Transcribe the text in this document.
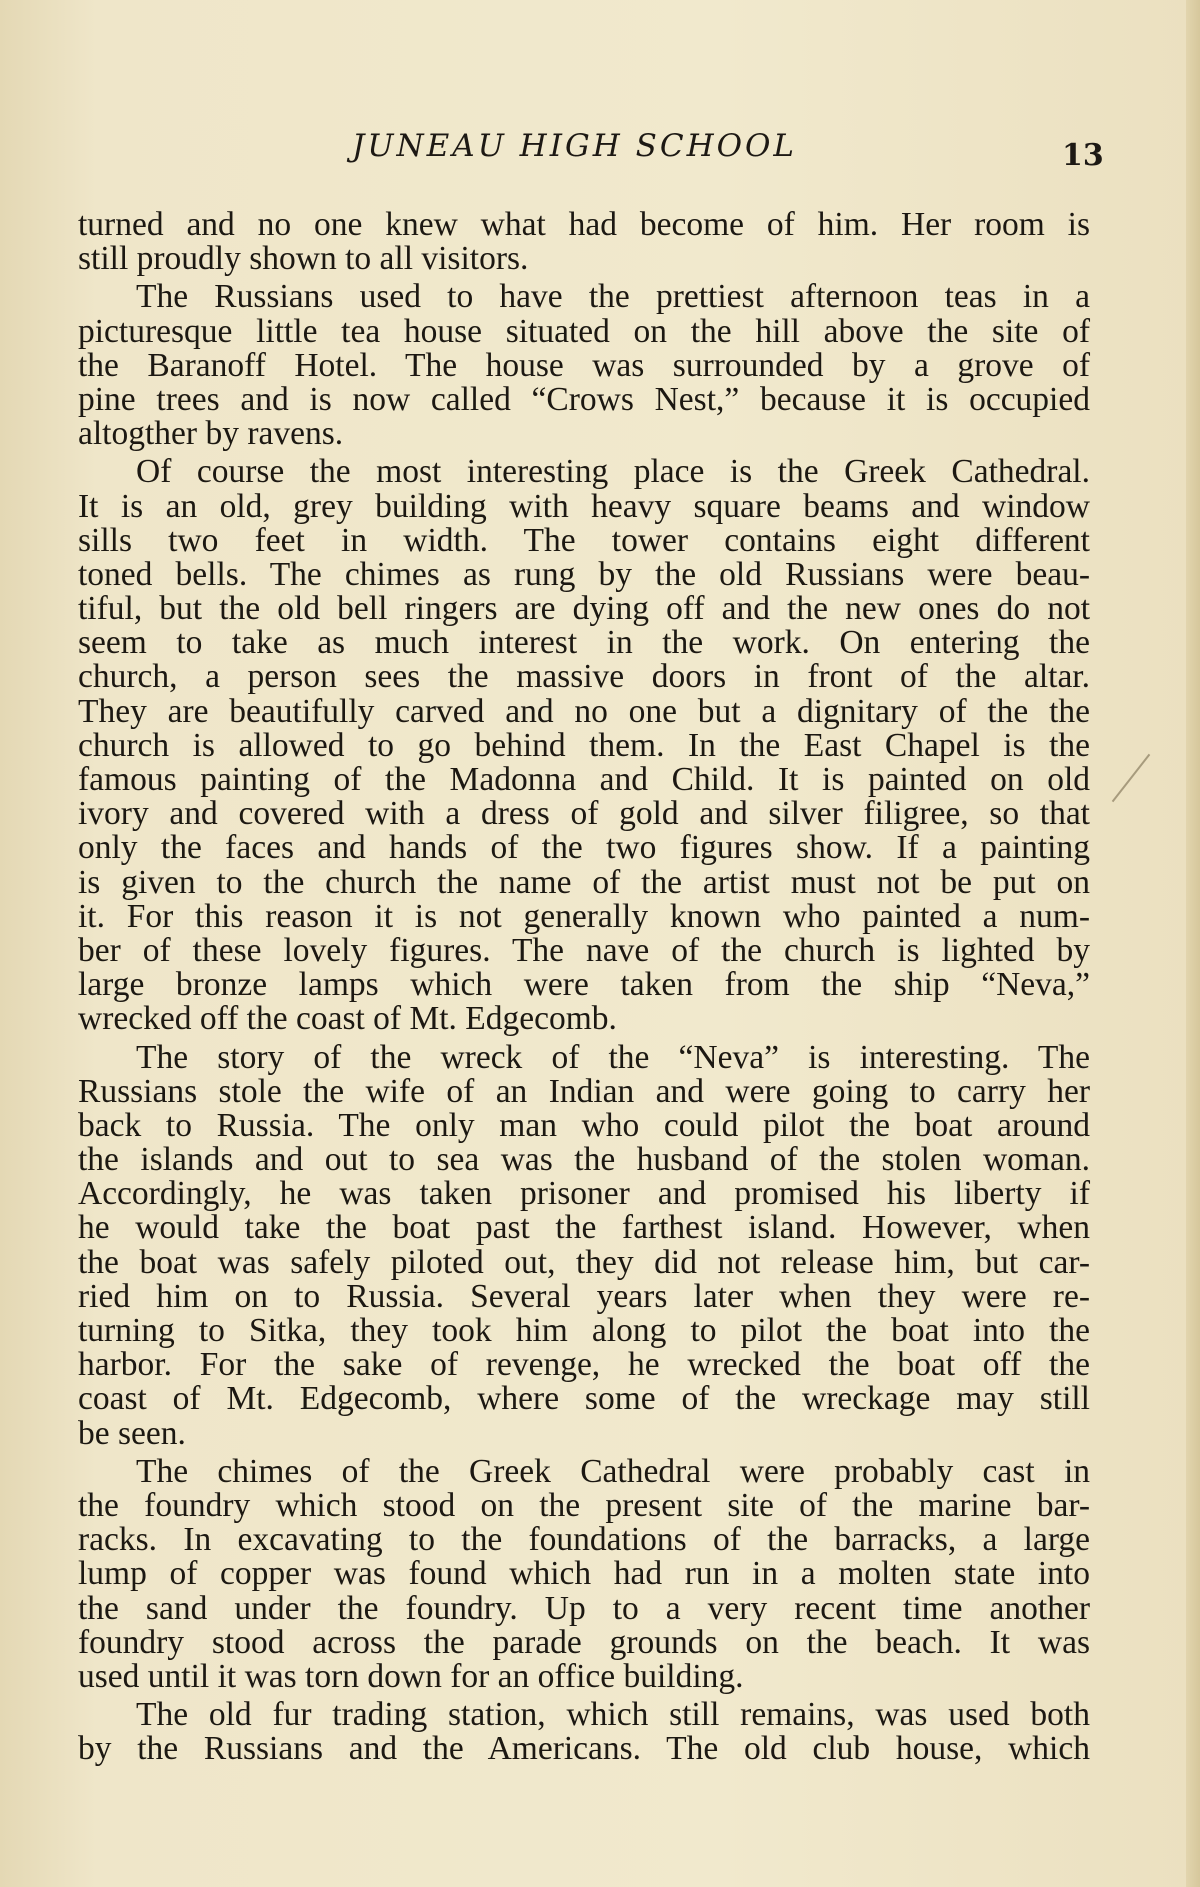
JUNEAU HIGH SCHOOL	13
turned and no one knew what had become of him. Her room is
still proudly shown to all visitors.
The Russians used to have the prettiest afternoon teas in a
picturesque little tea house situated on the hill above the site of
the Baranoff Hotel. The house was surrounded by a grove of
pine trees and is now called “Crows Nest,” because it is occupied
altogther by ravens.
Of course the most interesting place is the Greek Cathedral.
It is an old, grey building with heavy square beams and window
sills two feet in width. The tower contains eight different
toned bells. The chimes as rung by the old Russians were beau-
tiful, but the old bell ringers are dying off and the new ones do not
seem to take as much interest in the work. On entering the
church, a person sees the massive doors in front of the altar.
They are beautifully carved and no one but a dignitary of the the
church is allowed to go behind them. In the East Chapel is the
famous painting of the Madonna and Child. It is painted on old
ivory and covered with a dress of gold and silver filigree, so that
only the faces and hands of the two figures show. If a painting
is given to the church the name of the artist must not be put on
it. For this reason it is not generally known who painted a num-
ber of these lovely figures. The nave of the church is lighted by
large bronze lamps which were taken from the ship “Neva,”
wrecked off the coast of Mt. Edgecomb.
The story of the wreck of the “Neva” is interesting. The
Russians stole the wife of an Indian and were going to carry her
back to Russia. The only man who could pilot the boat around
the islands and out to sea was the husband of the stolen woman.
Accordingly, he was taken prisoner and promised his liberty if
he would take the boat past the farthest island. However, when
the boat was safely piloted out, they did not release him, but car-
ried him on to Russia. Several years later when they were re-
turning to Sitka, they took him along to pilot the boat into the
harbor. For the sake of revenge, he wrecked the boat off the
coast of Mt. Edgecomb, where some of the wreckage may still
be seen.
The chimes of the Greek Cathedral were probably cast in
the foundry which stood on the present site of the marine bar-
racks. In excavating to the foundations of the barracks, a large
lump of copper was found which had run in a molten state into
the sand under the foundry. Up to a very recent time another
foundry stood across the parade grounds on the beach. It was
used until it was torn down for an office building.
The old fur trading station, which still remains, was used both
by the Russians and the Americans. The old club house, which
